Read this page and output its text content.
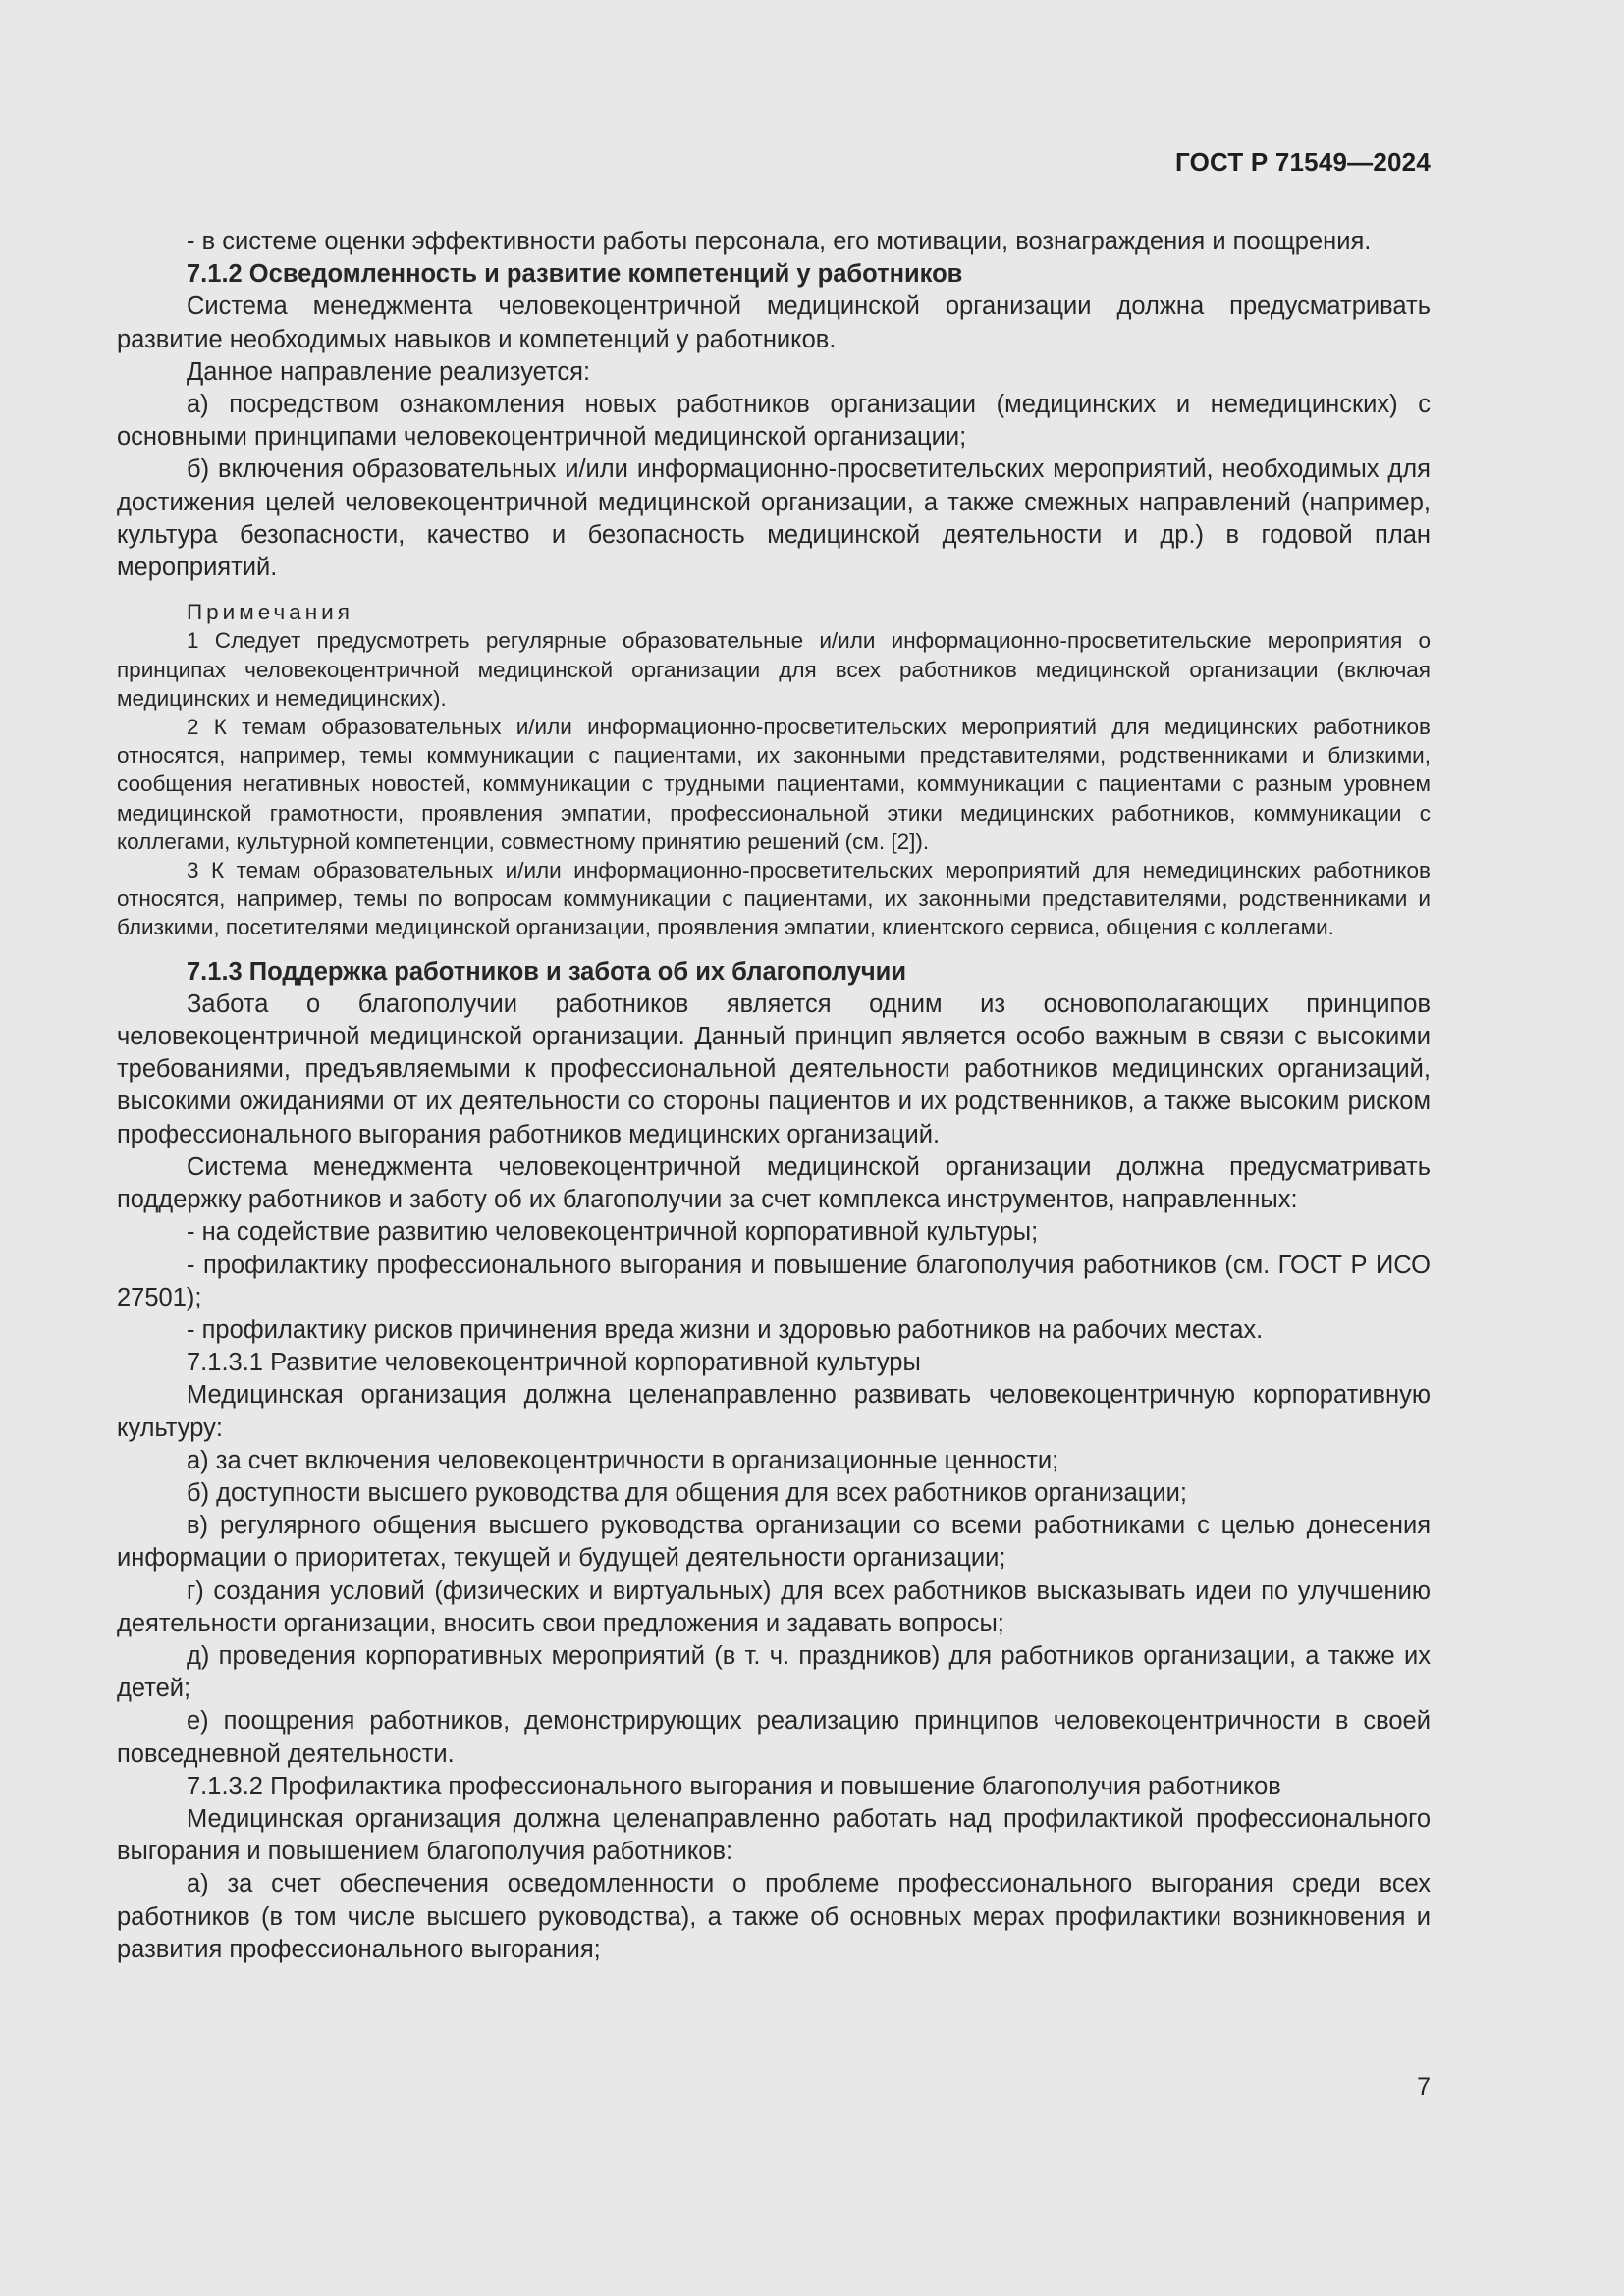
ГОСТ Р 71549—2024

- в системе оценки эффективности работы персонала, его мотивации, вознаграждения и поощрения.

7.1.2 Осведомленность и развитие компетенций у работников

Система менеджмента человекоцентричной медицинской организации должна предусматривать развитие необходимых навыков и компетенций у работников.

Данное направление реализуется:

а) посредством ознакомления новых работников организации (медицинских и немедицинских) с основными принципами человекоцентричной медицинской организации;

б) включения образовательных и/или информационно-просветительских мероприятий, необходимых для достижения целей человекоцентричной медицинской организации, а также смежных направлений (например, культура безопасности, качество и безопасность медицинской деятельности и др.) в годовой план мероприятий.

Примечания

1 Следует предусмотреть регулярные образовательные и/или информационно-просветительские мероприятия о принципах человекоцентричной медицинской организации для всех работников медицинской организации (включая медицинских и немедицинских).

2 К темам образовательных и/или информационно-просветительских мероприятий для медицинских работников относятся, например, темы коммуникации с пациентами, их законными представителями, родственниками и близкими, сообщения негативных новостей, коммуникации с трудными пациентами, коммуникации с пациентами с разным уровнем медицинской грамотности, проявления эмпатии, профессиональной этики медицинских работников, коммуникации с коллегами, культурной компетенции, совместному принятию решений (см. [2]).

3 К темам образовательных и/или информационно-просветительских мероприятий для немедицинских работников относятся, например, темы по вопросам коммуникации с пациентами, их законными представителями, родственниками и близкими, посетителями медицинской организации, проявления эмпатии, клиентского сервиса, общения с коллегами.

7.1.3 Поддержка работников и забота об их благополучии

Забота о благополучии работников является одним из основополагающих принципов человекоцентричной медицинской организации. Данный принцип является особо важным в связи с высокими требованиями, предъявляемыми к профессиональной деятельности работников медицинских организаций, высокими ожиданиями от их деятельности со стороны пациентов и их родственников, а также высоким риском профессионального выгорания работников медицинских организаций.

Система менеджмента человекоцентричной медицинской организации должна предусматривать поддержку работников и заботу об их благополучии за счет комплекса инструментов, направленных:

- на содействие развитию человекоцентричной корпоративной культуры;

- профилактику профессионального выгорания и повышение благополучия работников (см. ГОСТ Р ИСО 27501);

- профилактику рисков причинения вреда жизни и здоровью работников на рабочих местах.

7.1.3.1 Развитие человекоцентричной корпоративной культуры

Медицинская организация должна целенаправленно развивать человекоцентричную корпоративную культуру:

а) за счет включения человекоцентричности в организационные ценности;

б) доступности высшего руководства для общения для всех работников организации;

в) регулярного общения высшего руководства организации со всеми работниками с целью донесения информации о приоритетах, текущей и будущей деятельности организации;

г) создания условий (физических и виртуальных) для всех работников высказывать идеи по улучшению деятельности организации, вносить свои предложения и задавать вопросы;

д) проведения корпоративных мероприятий (в т. ч. праздников) для работников организации, а также их детей;

е) поощрения работников, демонстрирующих реализацию принципов человекоцентричности в своей повседневной деятельности.

7.1.3.2 Профилактика профессионального выгорания и повышение благополучия работников

Медицинская организация должна целенаправленно работать над профилактикой профессионального выгорания и повышением благополучия работников:

а) за счет обеспечения осведомленности о проблеме профессионального выгорания среди всех работников (в том числе высшего руководства), а также об основных мерах профилактики возникновения и развития профессионального выгорания;

7
